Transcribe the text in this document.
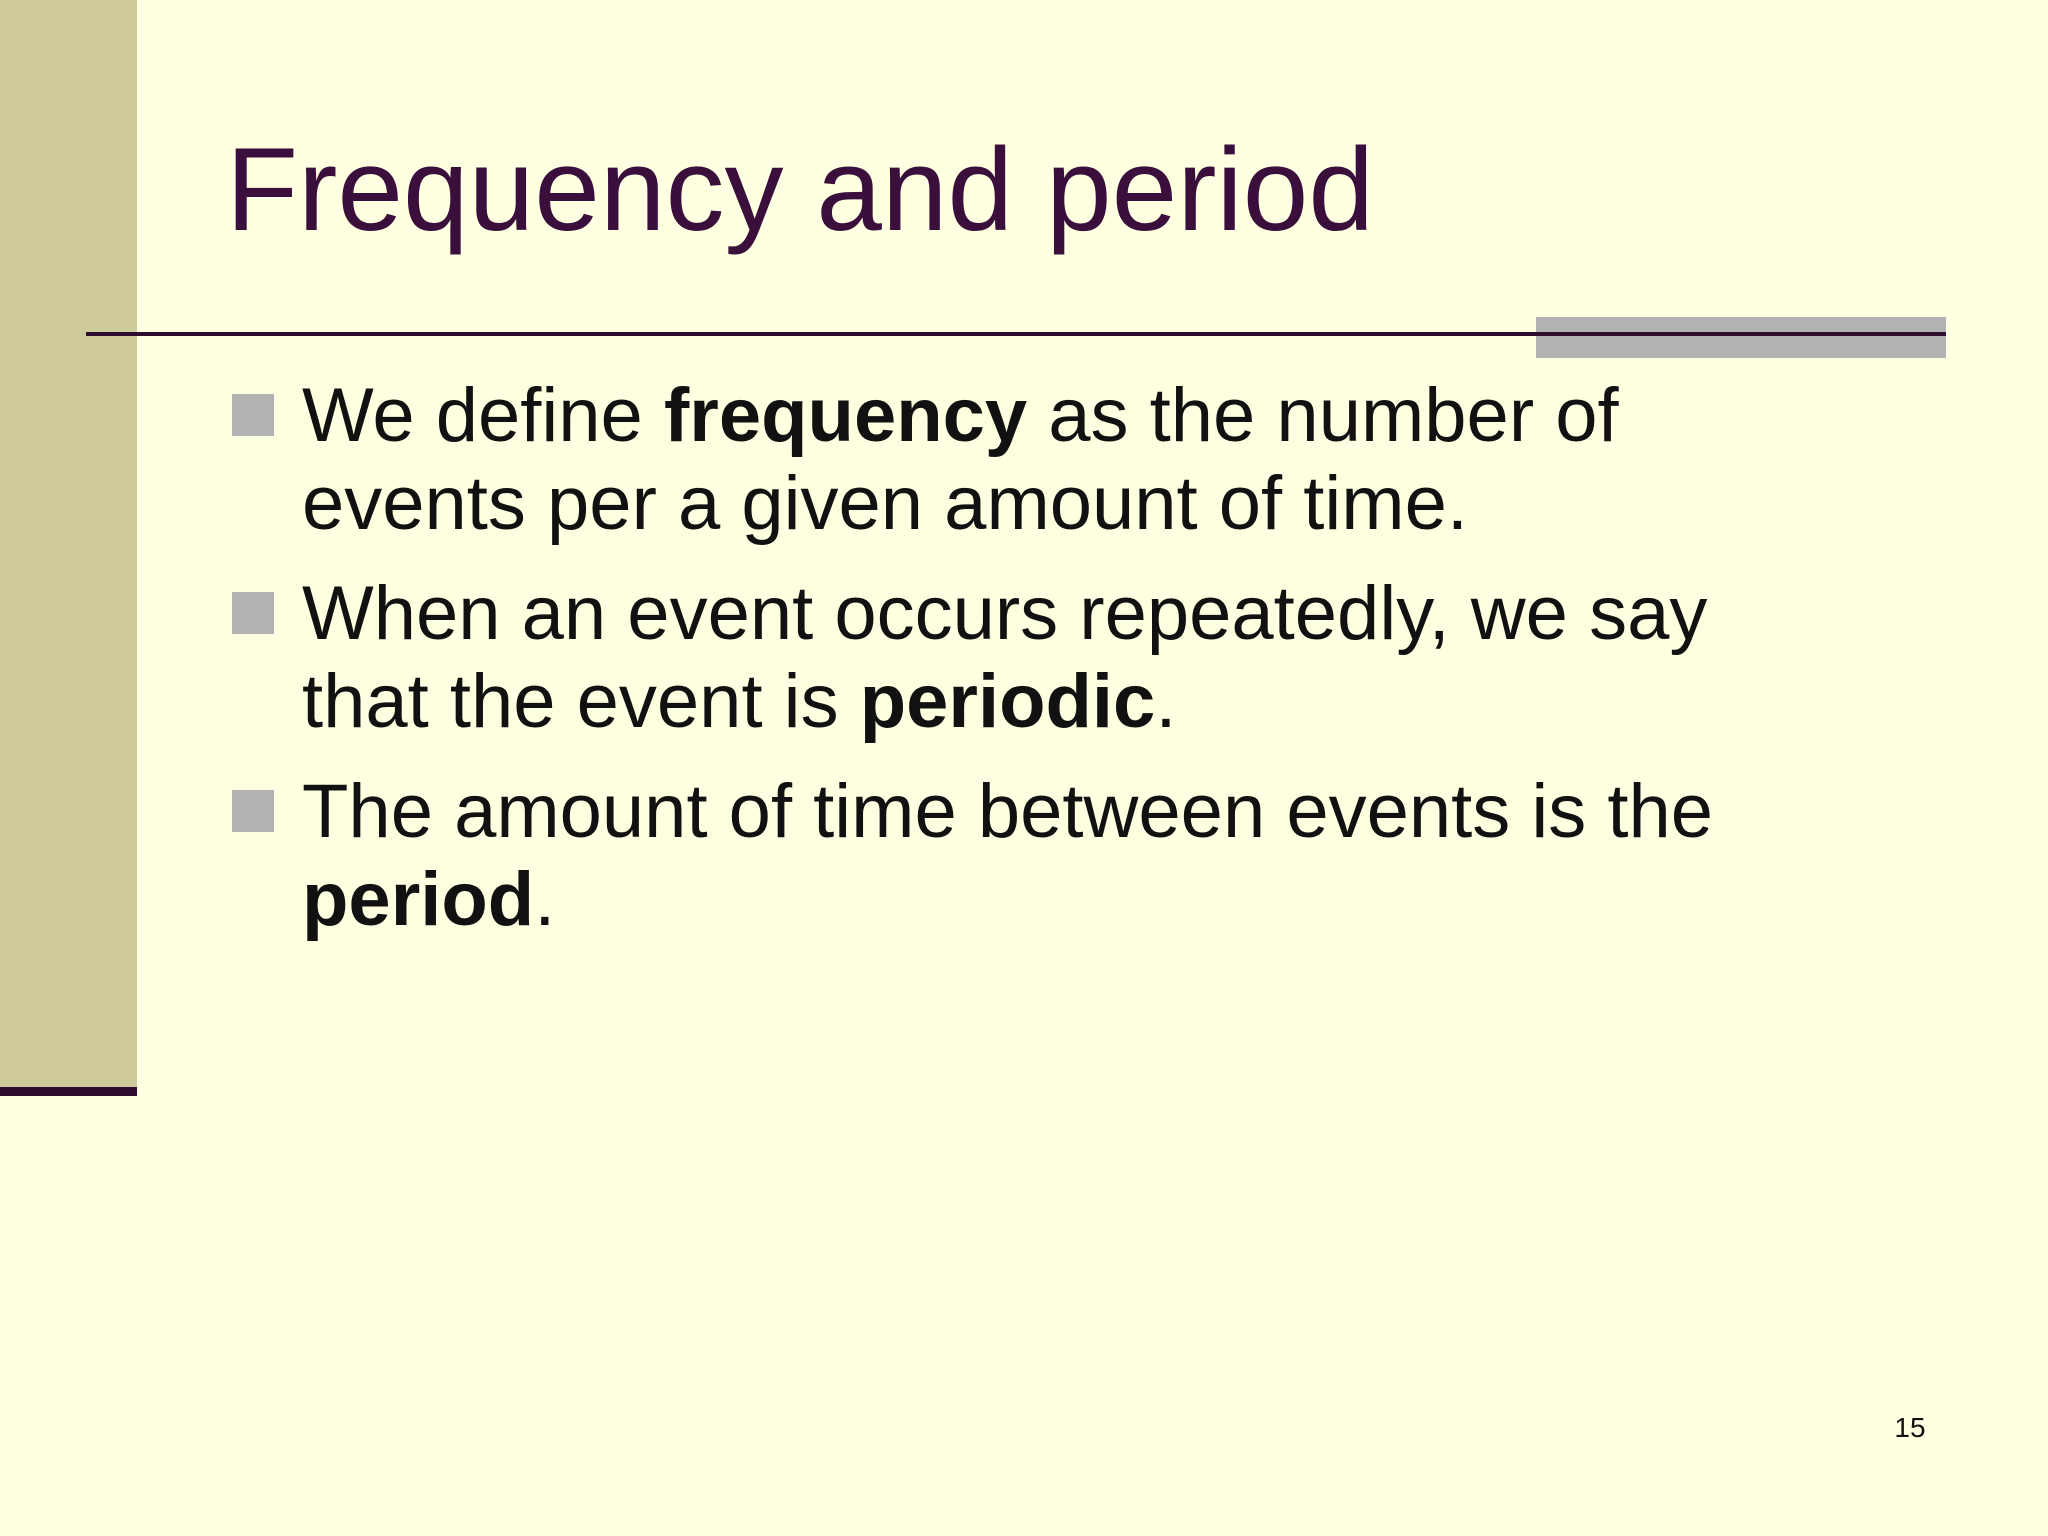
Frequency and period
We define frequency as the number of events per a given amount of time.
When an event occurs repeatedly, we say that the event is periodic.
The amount of time between events is the period.
15
